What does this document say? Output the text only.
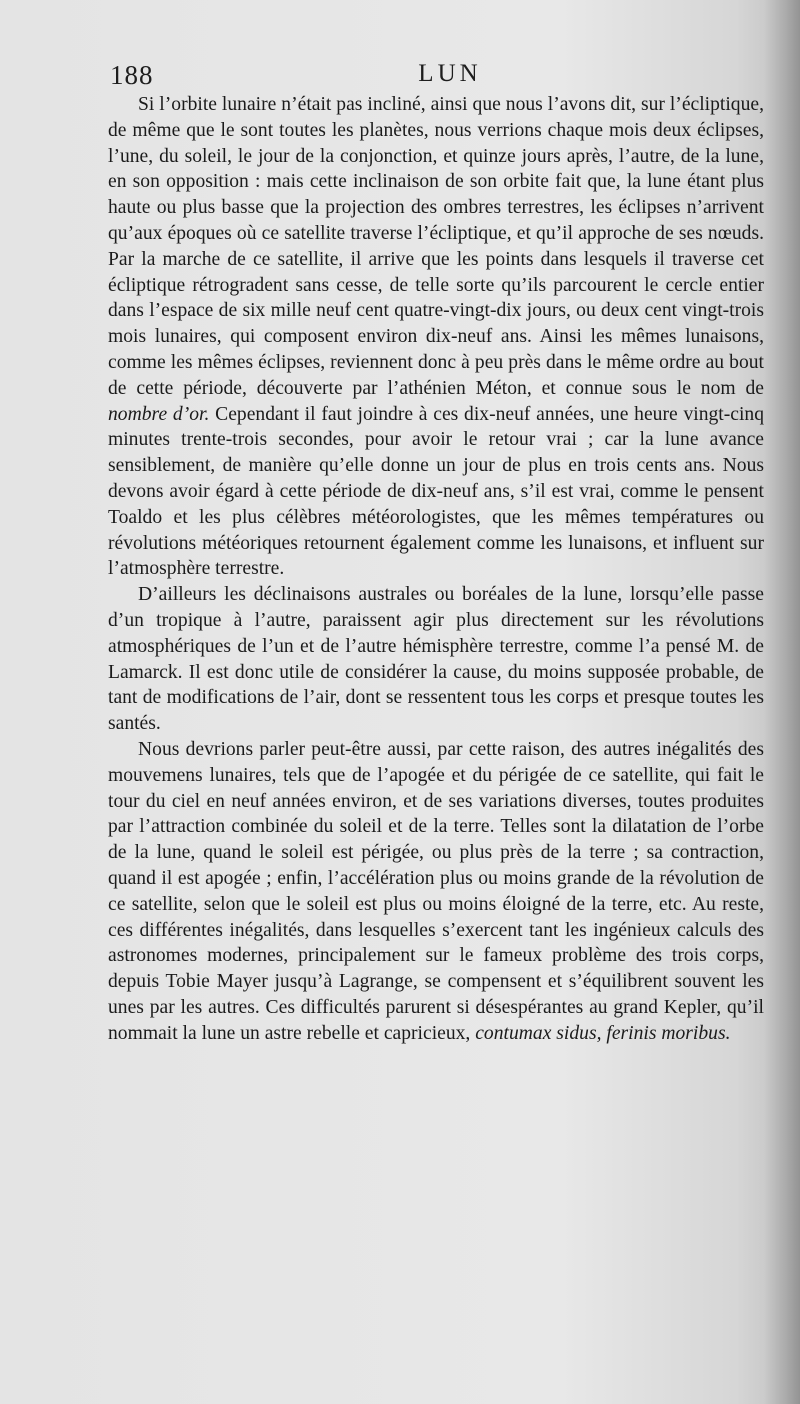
188	LUN

Si l’orbite lunaire n’était pas incliné, ainsi que nous l’avons dit, sur l’écliptique, de même que le sont toutes les planètes, nous verrions chaque mois deux éclipses, l’une, du soleil, le jour de la conjonction, et quinze jours après, l’autre, de la lune, en son opposition : mais cette inclinaison de son orbite fait que, la lune étant plus haute ou plus basse que la projection des ombres terrestres, les éclipses n’arrivent qu’aux époques où ce satellite traverse l’écliptique, et qu’il approche de ses nœuds. Par la marche de ce satellite, il arrive que les points dans lesquels il traverse cet écliptique rétrogradent sans cesse, de telle sorte qu’ils parcourent le cercle entier dans l’espace de six mille neuf cent quatre-vingt-dix jours, ou deux cent vingt-trois mois lunaires, qui composent environ dix-neuf ans. Ainsi les mêmes lunaisons, comme les mêmes éclipses, reviennent donc à peu près dans le même ordre au bout de cette période, découverte par l’athénien Méton, et connue sous le nom de nombre d’or. Cependant il faut joindre à ces dix-neuf années, une heure vingt-cinq minutes trente-trois secondes, pour avoir le retour vrai ; car la lune avance sensiblement, de manière qu’elle donne un jour de plus en trois cents ans. Nous devons avoir égard à cette période de dix-neuf ans, s’il est vrai, comme le pensent Toaldo et les plus célèbres météorologistes, que les mêmes températures ou révolutions météoriques retournent également comme les lunaisons, et influent sur l’atmosphère terrestre.

D’ailleurs les déclinaisons australes ou boréales de la lune, lorsqu’elle passe d’un tropique à l’autre, paraissent agir plus directement sur les révolutions atmosphériques de l’un et de l’autre hémisphère terrestre, comme l’a pensé M. de Lamarck. Il est donc utile de considérer la cause, du moins supposée probable, de tant de modifications de l’air, dont se ressentent tous les corps et presque toutes les santés.

Nous devrions parler peut-être aussi, par cette raison, des autres inégalités des mouvemens lunaires, tels que de l’apogée et du périgée de ce satellite, qui fait le tour du ciel en neuf années environ, et de ses variations diverses, toutes produites par l’attraction combinée du soleil et de la terre. Telles sont la dilatation de l’orbe de la lune, quand le soleil est périgée, ou plus près de la terre ; sa contraction, quand il est apogée ; enfin, l’accélération plus ou moins grande de la révolution de ce satellite, selon que le soleil est plus ou moins éloigné de la terre, etc. Au reste, ces différentes inégalités, dans lesquelles s’exercent tant les ingénieux calculs des astronomes modernes, principalement sur le fameux problème des trois corps, depuis Tobie Mayer jusqu’à Lagrange, se compensent et s’équilibrent souvent les unes par les autres. Ces difficultés parurent si désespérantes au grand Kepler, qu’il nommait la lune un astre rebelle et capricieux, contumax sidus, ferinis moribus.
